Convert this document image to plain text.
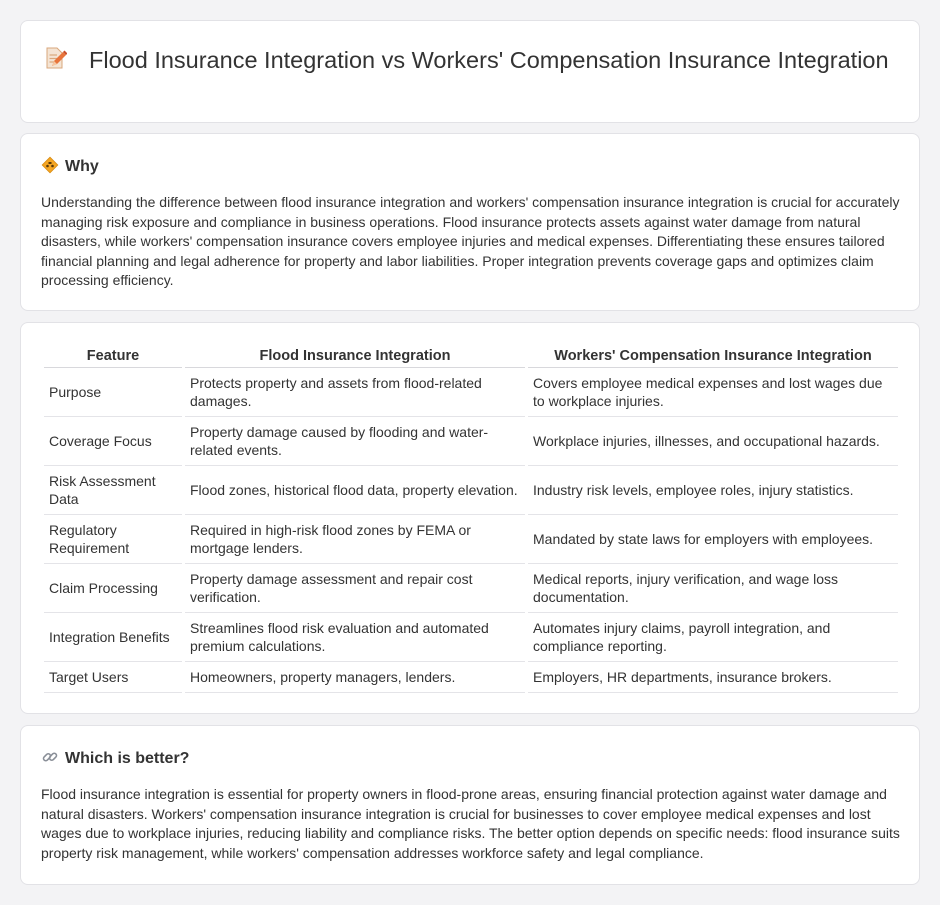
Flood Insurance Integration vs Workers' Compensation Insurance Integration
Why

Understanding the difference between flood insurance integration and workers' compensation insurance integration is crucial for accurately managing risk exposure and compliance in business operations. Flood insurance protects assets against water damage from natural disasters, while workers' compensation insurance covers employee injuries and medical expenses. Differentiating these ensures tailored financial planning and legal adherence for property and labor liabilities. Proper integration prevents coverage gaps and optimizes claim processing efficiency.

Feature	Flood Insurance Integration	Workers' Compensation Insurance Integration
Purpose	Protects property and assets from flood-related damages.	Covers employee medical expenses and lost wages due to workplace injuries.
Coverage Focus	Property damage caused by flooding and water-related events.	Workplace injuries, illnesses, and occupational hazards.
Risk Assessment Data	Flood zones, historical flood data, property elevation.	Industry risk levels, employee roles, injury statistics.
Regulatory Requirement	Required in high-risk flood zones by FEMA or mortgage lenders.	Mandated by state laws for employers with employees.
Claim Processing	Property damage assessment and repair cost verification.	Medical reports, injury verification, and wage loss documentation.
Integration Benefits	Streamlines flood risk evaluation and automated premium calculations.	Automates injury claims, payroll integration, and compliance reporting.
Target Users	Homeowners, property managers, lenders.	Employers, HR departments, insurance brokers.
Which is better?

Flood insurance integration is essential for property owners in flood-prone areas, ensuring financial protection against water damage and natural disasters. Workers' compensation insurance integration is crucial for businesses to cover employee medical expenses and lost wages due to workplace injuries, reducing liability and compliance risks. The better option depends on specific needs: flood insurance suits property risk management, while workers' compensation addresses workforce safety and legal compliance.
